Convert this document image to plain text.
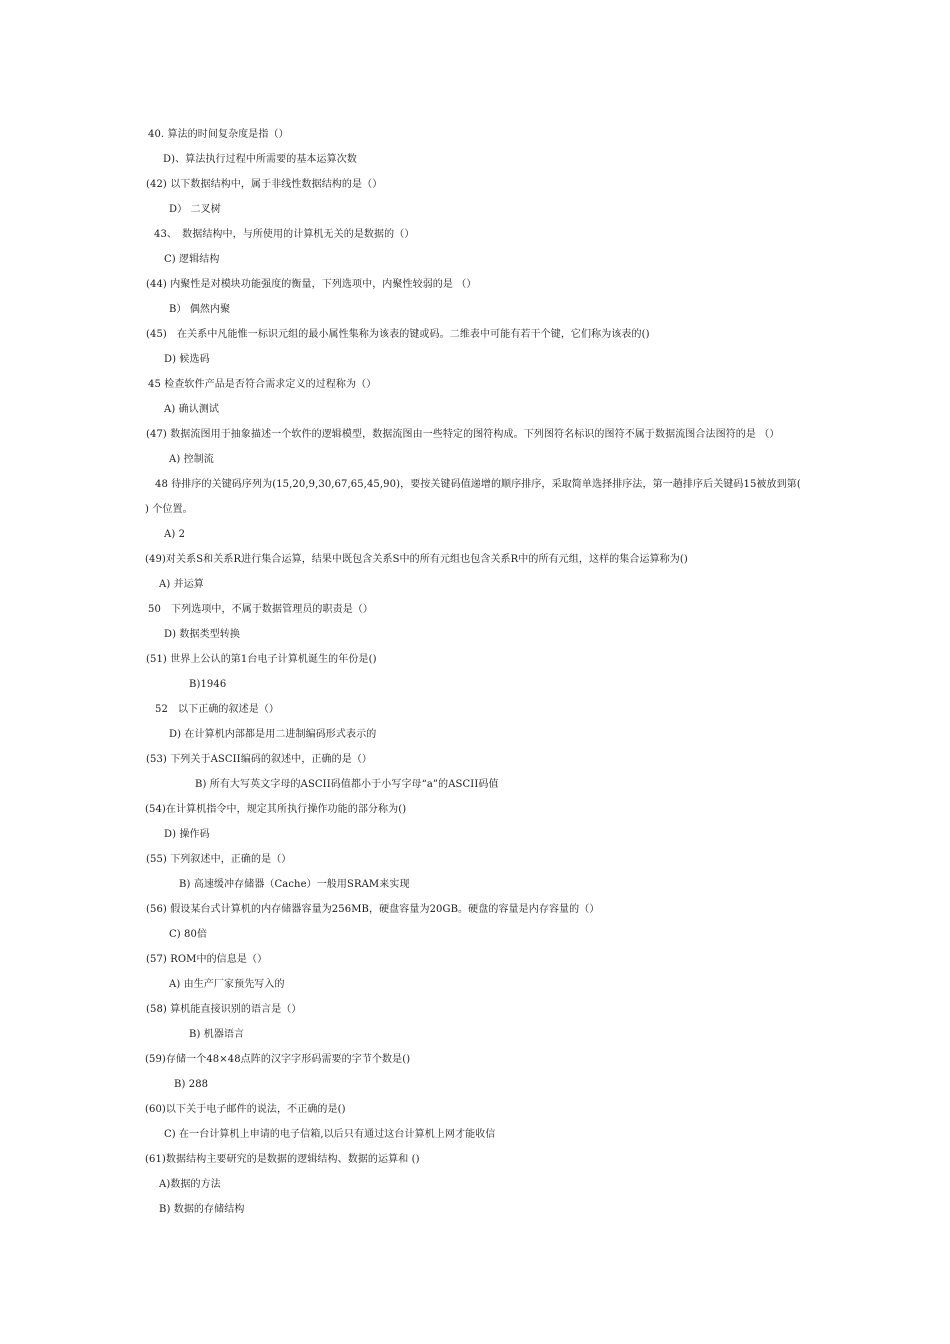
40. 算法的时间复杂度是指（）
D)、算法执行过程中所需要的基本运算次数
(42) 以下数据结构中，属于非线性数据结构的是（）
D） 二叉树
43、　数据结构中，与所使用的计算机无关的是数据的（）
C) 逻辑结构
(44) 内聚性是对模块功能强度的衡量，下列选项中，内聚性较弱的是 （）
B） 偶然内聚
(45)　在关系中凡能惟一标识元组的最小属性集称为该表的键或码。二维表中可能有若干个键，它们称为该表的()
D) 候选码
45 检查软件产品是否符合需求定义的过程称为（）
A) 确认测试
(47) 数据流图用于抽象描述一个软件的逻辑模型，数据流图由一些特定的图符构成。下列图符名标识的图符不属于数据流图合法图符的是 （）
A) 控制流
48 待排序的关键码序列为(15,20,9,30,67,65,45,90)，要按关键码值递增的顺序排序，采取简单选择排序法，第一趟排序后关键码15被放到第(
) 个位置。
A) 2
(49)对关系S和关系R进行集合运算，结果中既包含关系S中的所有元组也包含关系R中的所有元组，这样的集合运算称为()
A) 并运算
50　下列选项中，不属于数据管理员的职责是（）
D) 数据类型转换
(51) 世界上公认的第1台电子计算机诞生的年份是()
B)1946
52　以下正确的叙述是（）
D) 在计算机内部都是用二进制编码形式表示的
(53) 下列关于ASCII编码的叙述中，正确的是（）
B) 所有大写英文字母的ASCII码值都小于小写字母“a”的ASCII码值
(54)在计算机指令中，规定其所执行操作功能的部分称为()
D) 操作码
(55) 下列叙述中，正确的是（）
B) 高速缓冲存储器（Cache）一般用SRAM来实现
(56) 假设某台式计算机的内存储器容量为256MB，硬盘容量为20GB。硬盘的容量是内存容量的（）
C) 80倍
(57) ROM中的信息是（）
A) 由生产厂家预先写入的
(58) 算机能直接识别的语言是（）
B) 机器语言
(59)存储一个48×48点阵的汉字字形码需要的字节个数是()
B) 288
(60)以下关于电子邮件的说法，不正确的是()
C) 在一台计算机上申请的电子信箱,以后只有通过这台计算机上网才能收信
(61)数据结构主要研究的是数据的逻辑结构、数据的运算和 ()
A)数据的方法
B) 数据的存储结构
